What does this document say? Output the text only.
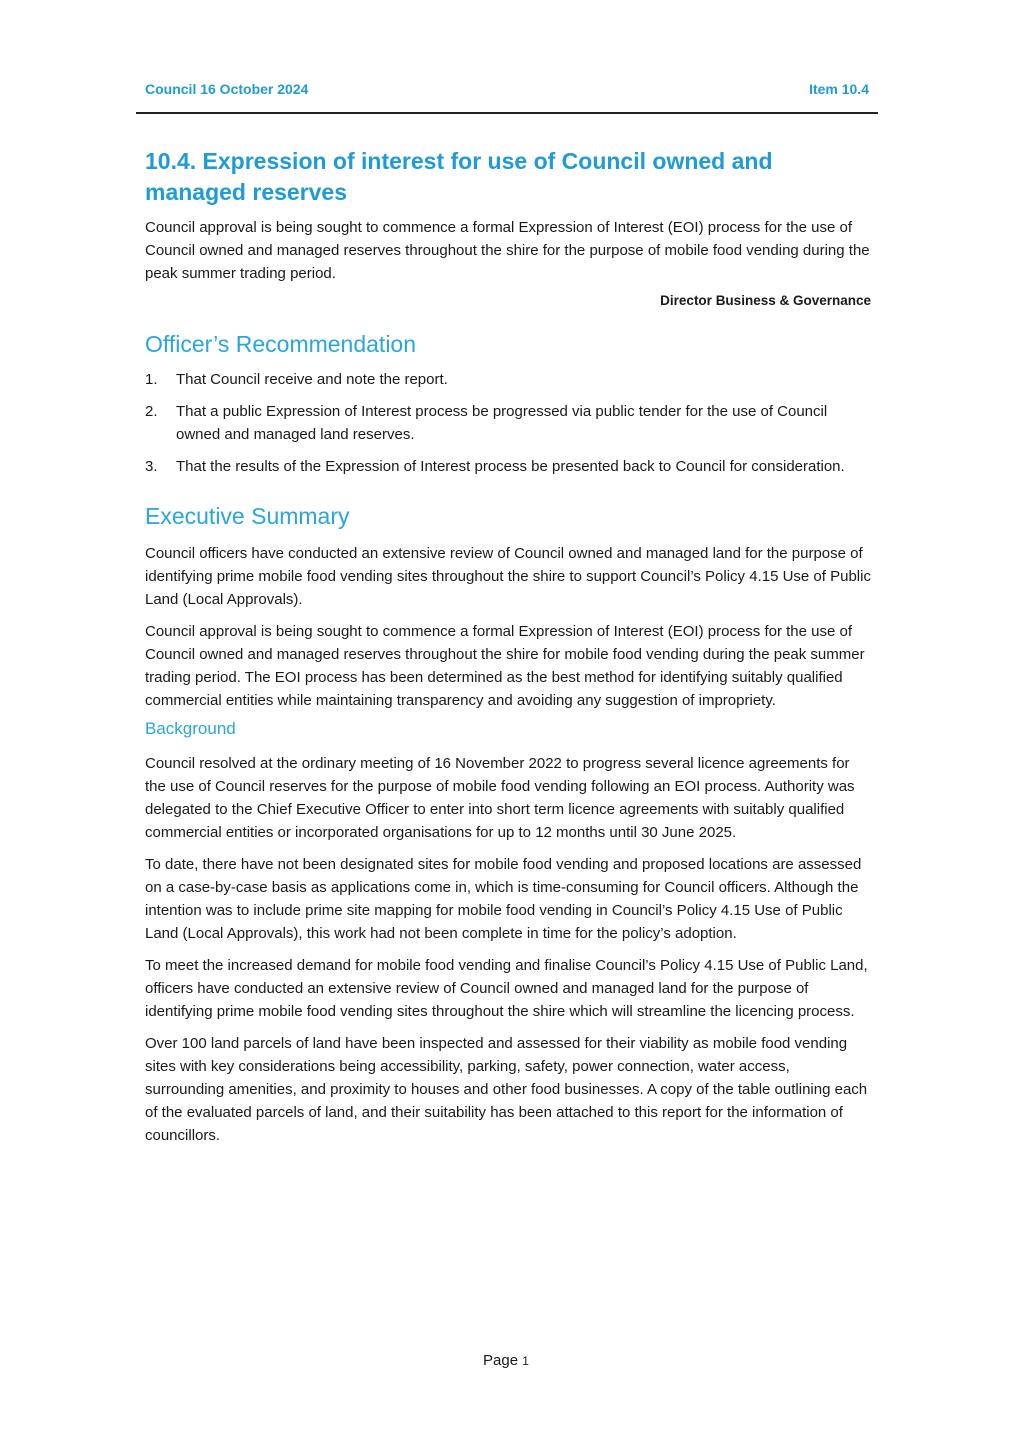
Council 16 October 2024	Item 10.4
10.4. Expression of interest for use of Council owned and managed reserves

Council approval is being sought to commence a formal Expression of Interest (EOI) process for the use of Council owned and managed reserves throughout the shire for the purpose of mobile food vending during the peak summer trading period.

Director Business & Governance
Officer’s Recommendation
1. That Council receive and note the report.
2. That a public Expression of Interest process be progressed via public tender for the use of Council owned and managed land reserves.
3. That the results of the Expression of Interest process be presented back to Council for consideration.
Executive Summary

Council officers have conducted an extensive review of Council owned and managed land for the purpose of identifying prime mobile food vending sites throughout the shire to support Council’s Policy 4.15 Use of Public Land (Local Approvals).

Council approval is being sought to commence a formal Expression of Interest (EOI) process for the use of Council owned and managed reserves throughout the shire for mobile food vending during the peak summer trading period. The EOI process has been determined as the best method for identifying suitably qualified commercial entities while maintaining transparency and avoiding any suggestion of impropriety.

Background

Council resolved at the ordinary meeting of 16 November 2022 to progress several licence agreements for the use of Council reserves for the purpose of mobile food vending following an EOI process. Authority was delegated to the Chief Executive Officer to enter into short term licence agreements with suitably qualified commercial entities or incorporated organisations for up to 12 months until 30 June 2025.

To date, there have not been designated sites for mobile food vending and proposed locations are assessed on a case-by-case basis as applications come in, which is time-consuming for Council officers. Although the intention was to include prime site mapping for mobile food vending in Council’s Policy 4.15 Use of Public Land (Local Approvals), this work had not been complete in time for the policy’s adoption.

To meet the increased demand for mobile food vending and finalise Council’s Policy 4.15 Use of Public Land, officers have conducted an extensive review of Council owned and managed land for the purpose of identifying prime mobile food vending sites throughout the shire which will streamline the licencing process.

Over 100 land parcels of land have been inspected and assessed for their viability as mobile food vending sites with key considerations being accessibility, parking, safety, power connection, water access, surrounding amenities, and proximity to houses and other food businesses. A copy of the table outlining each of the evaluated parcels of land, and their suitability has been attached to this report for the information of councillors.

Page 1
